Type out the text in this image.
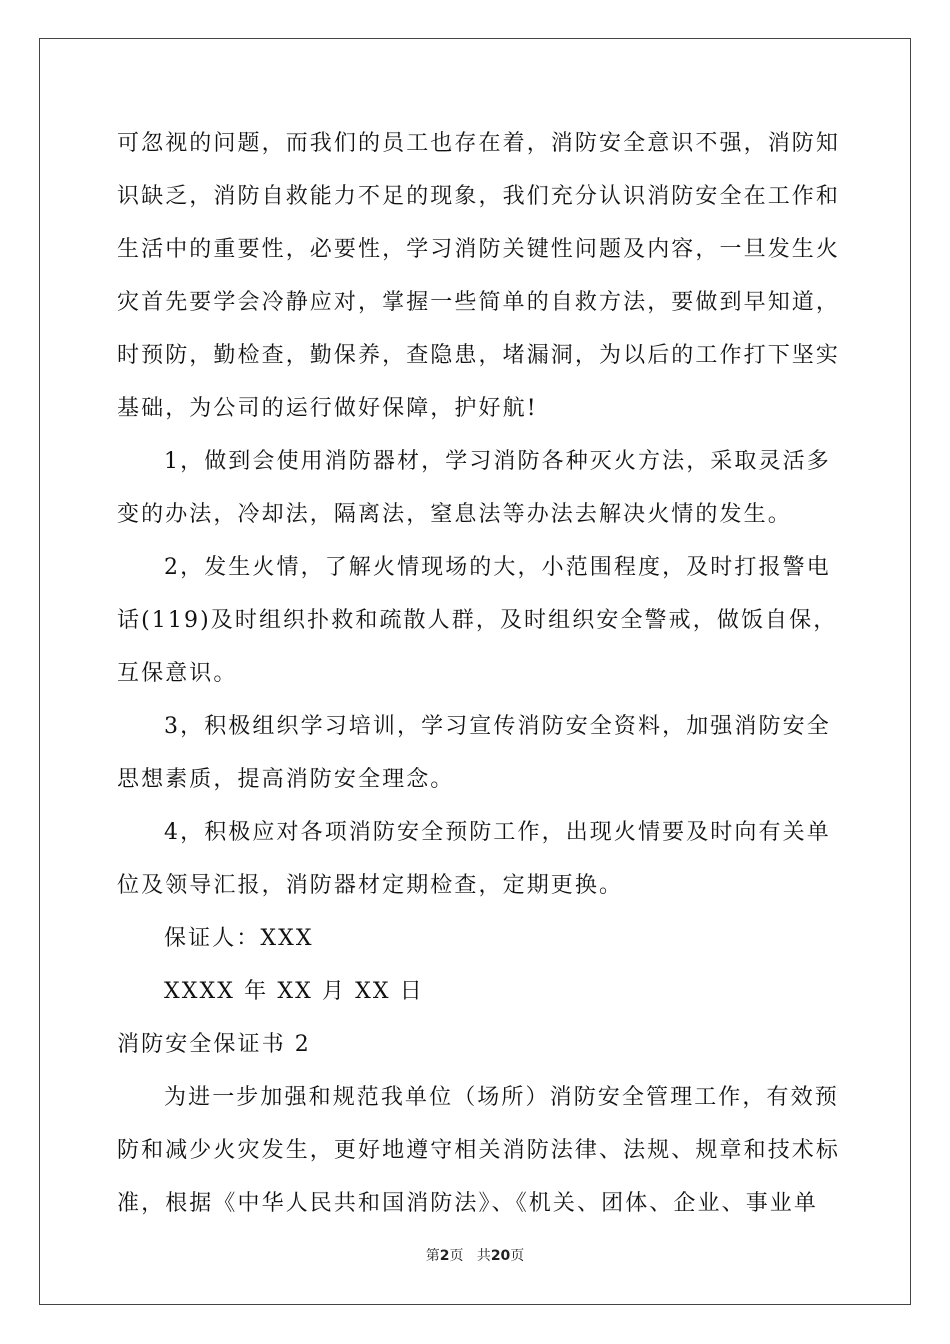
可忽视的问题，而我们的员工也存在着，消防安全意识不强，消防知
识缺乏，消防自救能力不足的现象，我们充分认识消防安全在工作和
生活中的重要性，必要性，学习消防关键性问题及内容，一旦发生火
灾首先要学会冷静应对，掌握一些简单的自救方法，要做到早知道，
时预防，勤检查，勤保养，查隐患，堵漏洞，为以后的工作打下坚实
基础，为公司的运行做好保障，护好航!
1，做到会使用消防器材，学习消防各种灭火方法，采取灵活多
变的办法，冷却法，隔离法，窒息法等办法去解决火情的发生。
2，发生火情，了解火情现场的大，小范围程度，及时打报警电
话(119)及时组织扑救和疏散人群，及时组织安全警戒，做饭自保，
互保意识。
3，积极组织学习培训，学习宣传消防安全资料，加强消防安全
思想素质，提高消防安全理念。
4，积极应对各项消防安全预防工作，出现火情要及时向有关单
位及领导汇报，消防器材定期检查，定期更换。
保证人：XXX
XXXX 年 XX 月 XX 日
消防安全保证书 2
为进一步加强和规范我单位（场所）消防安全管理工作，有效预
防和减少火灾发生，更好地遵守相关消防法律、法规、规章和技术标
准，根据《中华人民共和国消防法》、《机关、团体、企业、事业单
第2页 共20页
